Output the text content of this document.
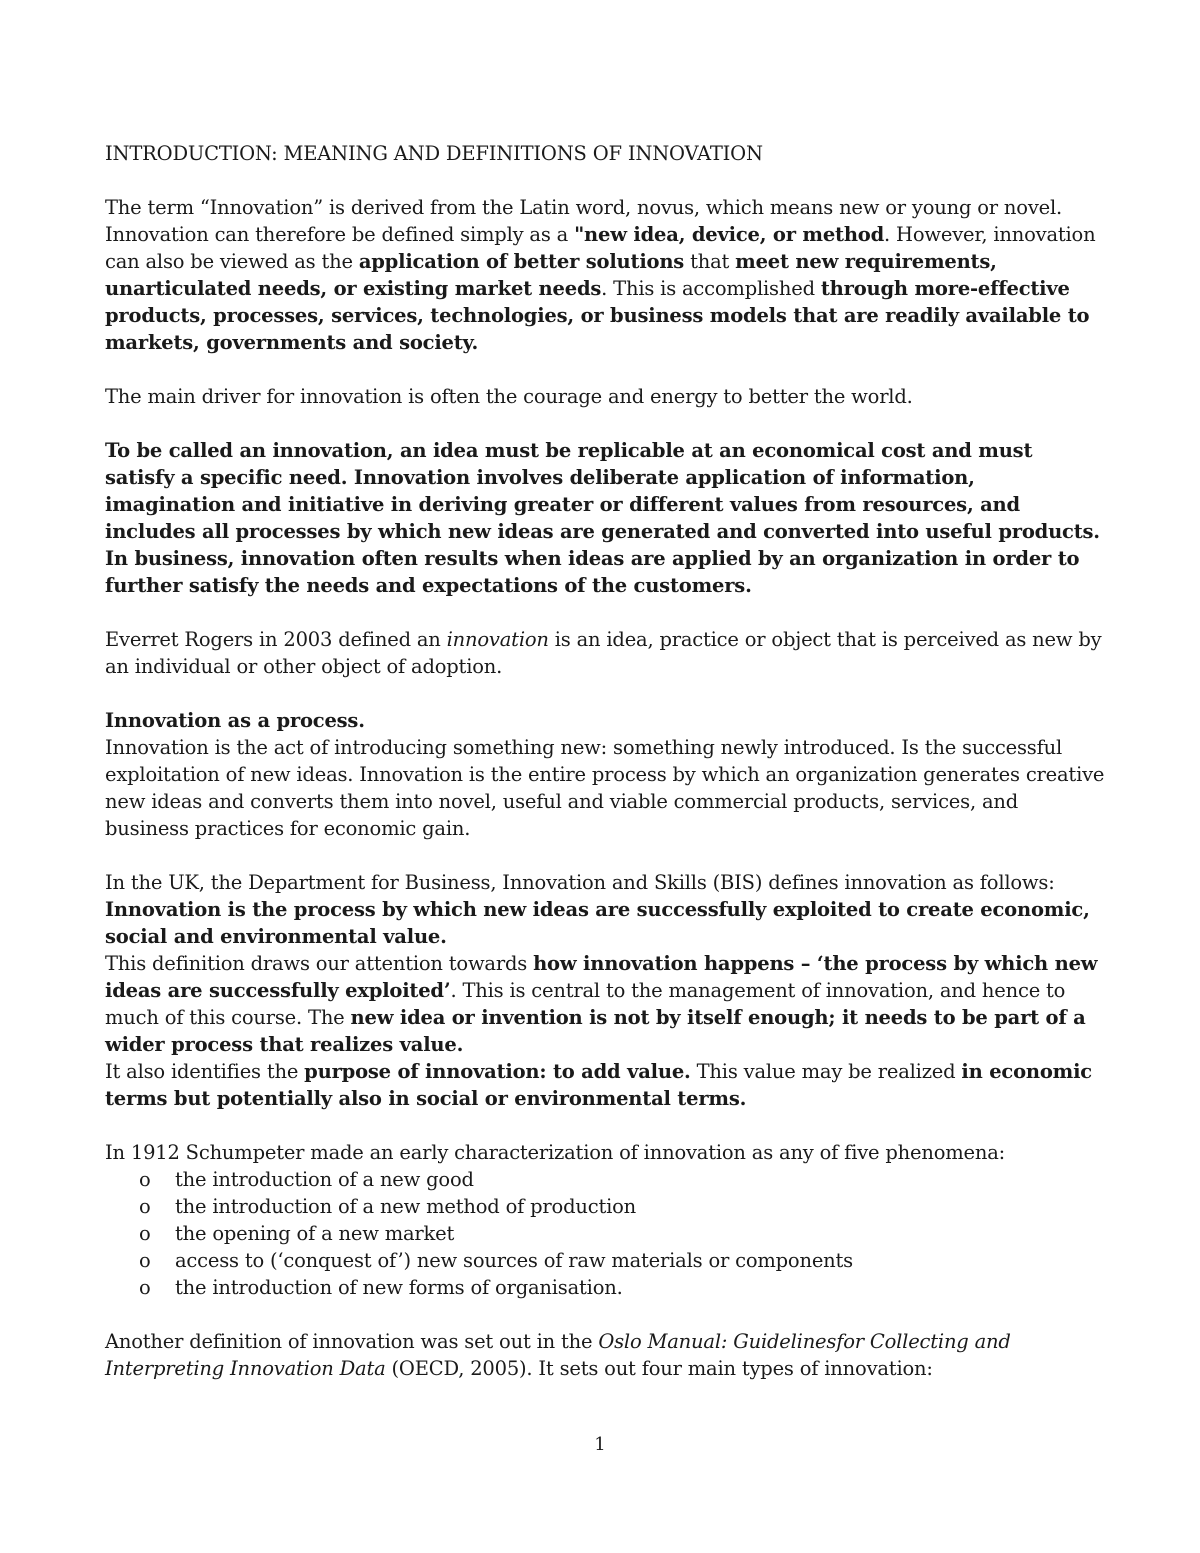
INTRODUCTION: MEANING AND DEFINITIONS OF INNOVATION

The term “Innovation” is derived from the Latin word, novus, which means new or young or novel. Innovation can therefore be defined simply as a "new idea, device, or method. However, innovation can also be viewed as the application of better solutions that meet new requirements, unarticulated needs, or existing market needs. This is accomplished through more-effective products, processes, services, technologies, or business models that are readily available to markets, governments and society.

The main driver for innovation is often the courage and energy to better the world.

To be called an innovation, an idea must be replicable at an economical cost and must satisfy a specific need. Innovation involves deliberate application of information, imagination and initiative in deriving greater or different values from resources, and includes all processes by which new ideas are generated and converted into useful products. In business, innovation often results when ideas are applied by an organization in order to further satisfy the needs and expectations of the customers.

Everret Rogers in 2003 defined an innovation is an idea, practice or object that is perceived as new by an individual or other object of adoption.

Innovation as a process.
Innovation is the act of introducing something new: something newly introduced. Is the successful exploitation of new ideas. Innovation is the entire process by which an organization generates creative new ideas and converts them into novel, useful and viable commercial products, services, and business practices for economic gain.

In the UK, the Department for Business, Innovation and Skills (BIS) defines innovation as follows:
Innovation is the process by which new ideas are successfully exploited to create economic, social and environmental value.
This definition draws our attention towards how innovation happens – ‘the process by which new ideas are successfully exploited’. This is central to the management of innovation, and hence to much of this course. The new idea or invention is not by itself enough; it needs to be part of a wider process that realizes value.
It also identifies the purpose of innovation: to add value. This value may be realized in economic terms but potentially also in social or environmental terms.

In 1912 Schumpeter made an early characterization of innovation as any of five phenomena:

o the introduction of a new good
o the introduction of a new method of production
o the opening of a new market
o access to (‘conquest of’) new sources of raw materials or components
o the introduction of new forms of organisation.

Another definition of innovation was set out in the Oslo Manual: Guidelinesfor Collecting and Interpreting Innovation Data (OECD, 2005). It sets out four main types of innovation:

1
